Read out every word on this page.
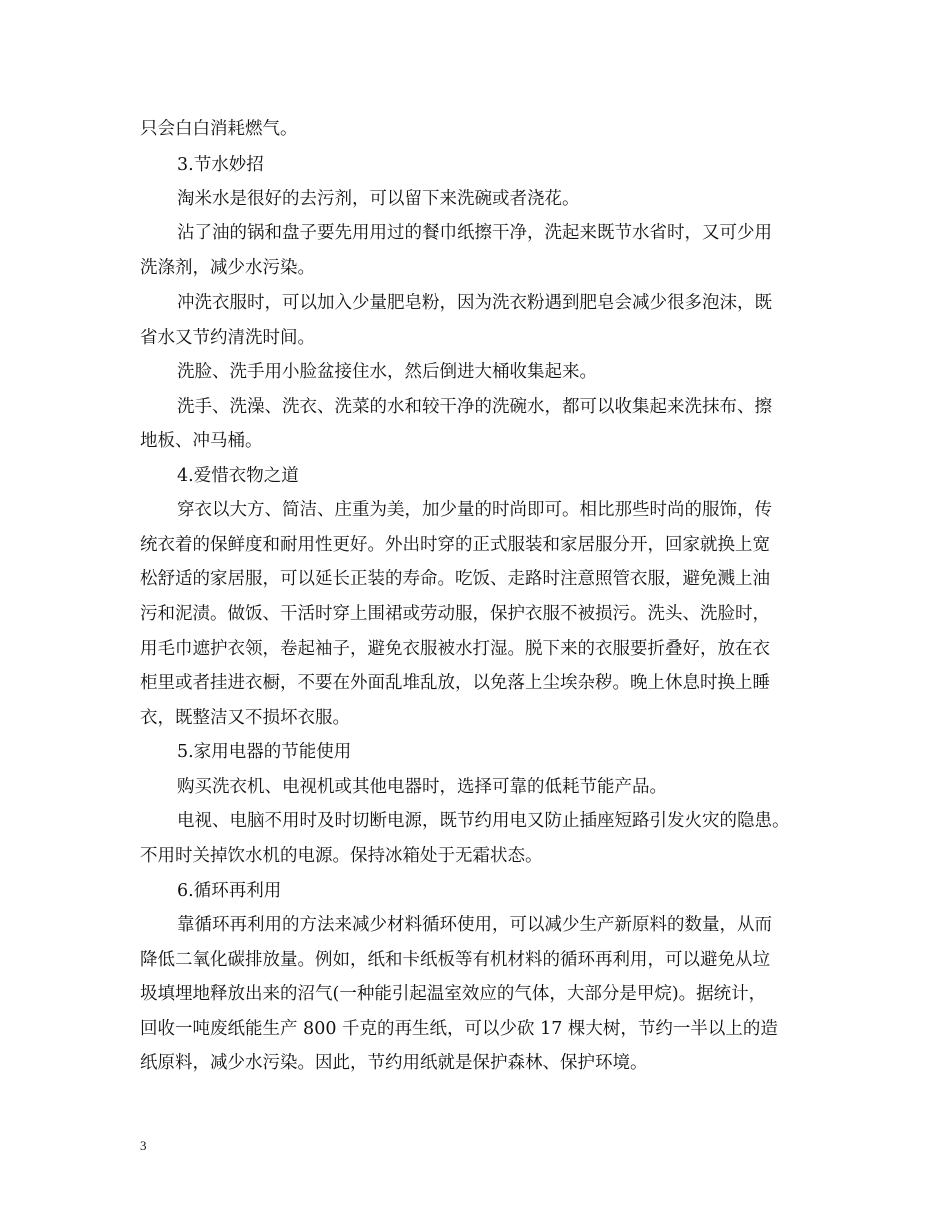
只会白白消耗燃气。
3.节水妙招
淘米水是很好的去污剂，可以留下来洗碗或者浇花。
沾了油的锅和盘子要先用用过的餐巾纸擦干净，洗起来既节水省时，又可少用
洗涤剂，减少水污染。
冲洗衣服时，可以加入少量肥皂粉，因为洗衣粉遇到肥皂会减少很多泡沫，既
省水又节约清洗时间。
洗脸、洗手用小脸盆接住水，然后倒进大桶收集起来。
洗手、洗澡、洗衣、洗菜的水和较干净的洗碗水，都可以收集起来洗抹布、擦
地板、冲马桶。
4.爱惜衣物之道
穿衣以大方、简洁、庄重为美，加少量的时尚即可。相比那些时尚的服饰，传
统衣着的保鲜度和耐用性更好。外出时穿的正式服装和家居服分开，回家就换上宽
松舒适的家居服，可以延长正装的寿命。吃饭、走路时注意照管衣服，避免溅上油
污和泥渍。做饭、干活时穿上围裙或劳动服，保护衣服不被损污。洗头、洗脸时，
用毛巾遮护衣领，卷起袖子，避免衣服被水打湿。脱下来的衣服要折叠好，放在衣
柜里或者挂进衣橱，不要在外面乱堆乱放，以免落上尘埃杂秽。晚上休息时换上睡
衣，既整洁又不损坏衣服。
5.家用电器的节能使用
购买洗衣机、电视机或其他电器时，选择可靠的低耗节能产品。
电视、电脑不用时及时切断电源，既节约用电又防止插座短路引发火灾的隐患。
不用时关掉饮水机的电源。保持冰箱处于无霜状态。
6.循环再利用
靠循环再利用的方法来减少材料循环使用，可以减少生产新原料的数量，从而
降低二氧化碳排放量。例如，纸和卡纸板等有机材料的循环再利用，可以避免从垃
圾填埋地释放出来的沼气(一种能引起温室效应的气体，大部分是甲烷)。据统计，
回收一吨废纸能生产 800 千克的再生纸，可以少砍 17 棵大树，节约一半以上的造
纸原料，减少水污染。因此，节约用纸就是保护森林、保护环境。
3
